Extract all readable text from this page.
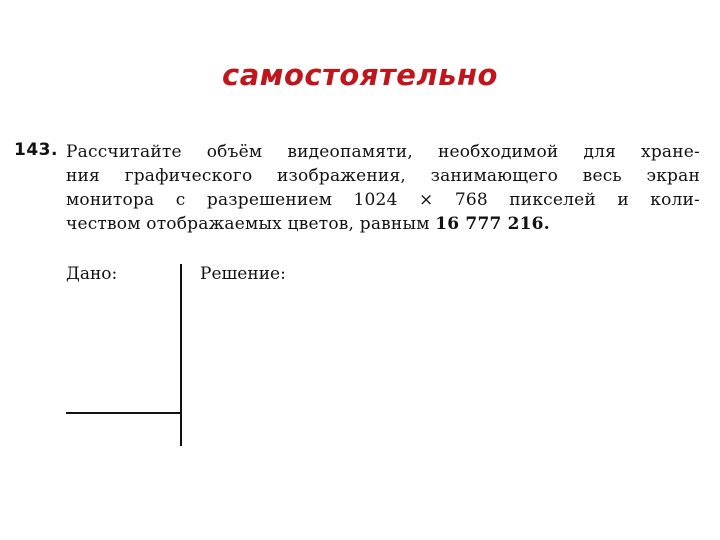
самостоятельно
143. Рассчитайте объём видеопамяти, необходимой для хране-
ния графического изображения, занимающего весь экран
монитора с разрешением 1024 × 768 пикселей и коли-
чеством отображаемых цветов, равным 16 777 216.

Дано:	Решение:
